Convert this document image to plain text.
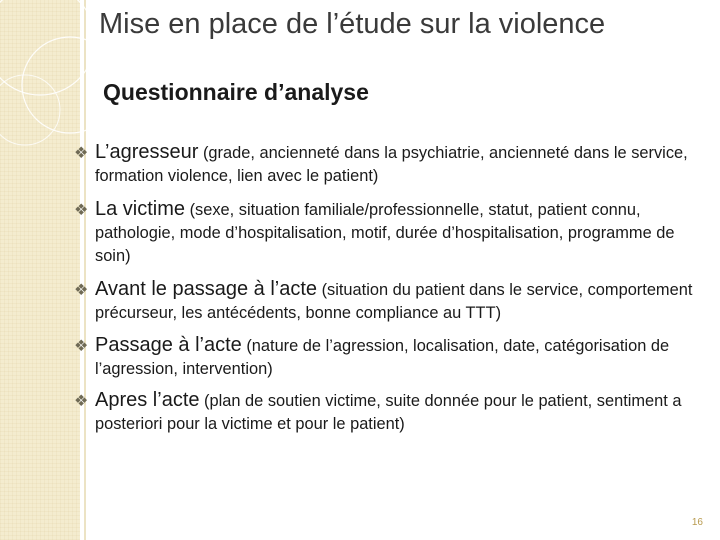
Mise en place de l’étude sur la violence
Questionnaire d’analyse
❖ L’agresseur (grade, ancienneté dans la psychiatrie, ancienneté dans le service, formation violence, lien avec le patient)
❖ La victime (sexe, situation familiale/professionnelle, statut, patient connu, pathologie, mode d’hospitalisation, motif, durée d’hospitalisation, programme de soin)
❖ Avant le passage à l’acte (situation du patient dans le service, comportement précurseur, les antécédents, bonne compliance au TTT)
❖ Passage à l’acte (nature de l’agression, localisation, date, catégorisation de l’agression, intervention)
❖ Apres l’acte (plan de soutien victime, suite donnée pour le patient, sentiment a posteriori pour la victime et pour le patient)
16
